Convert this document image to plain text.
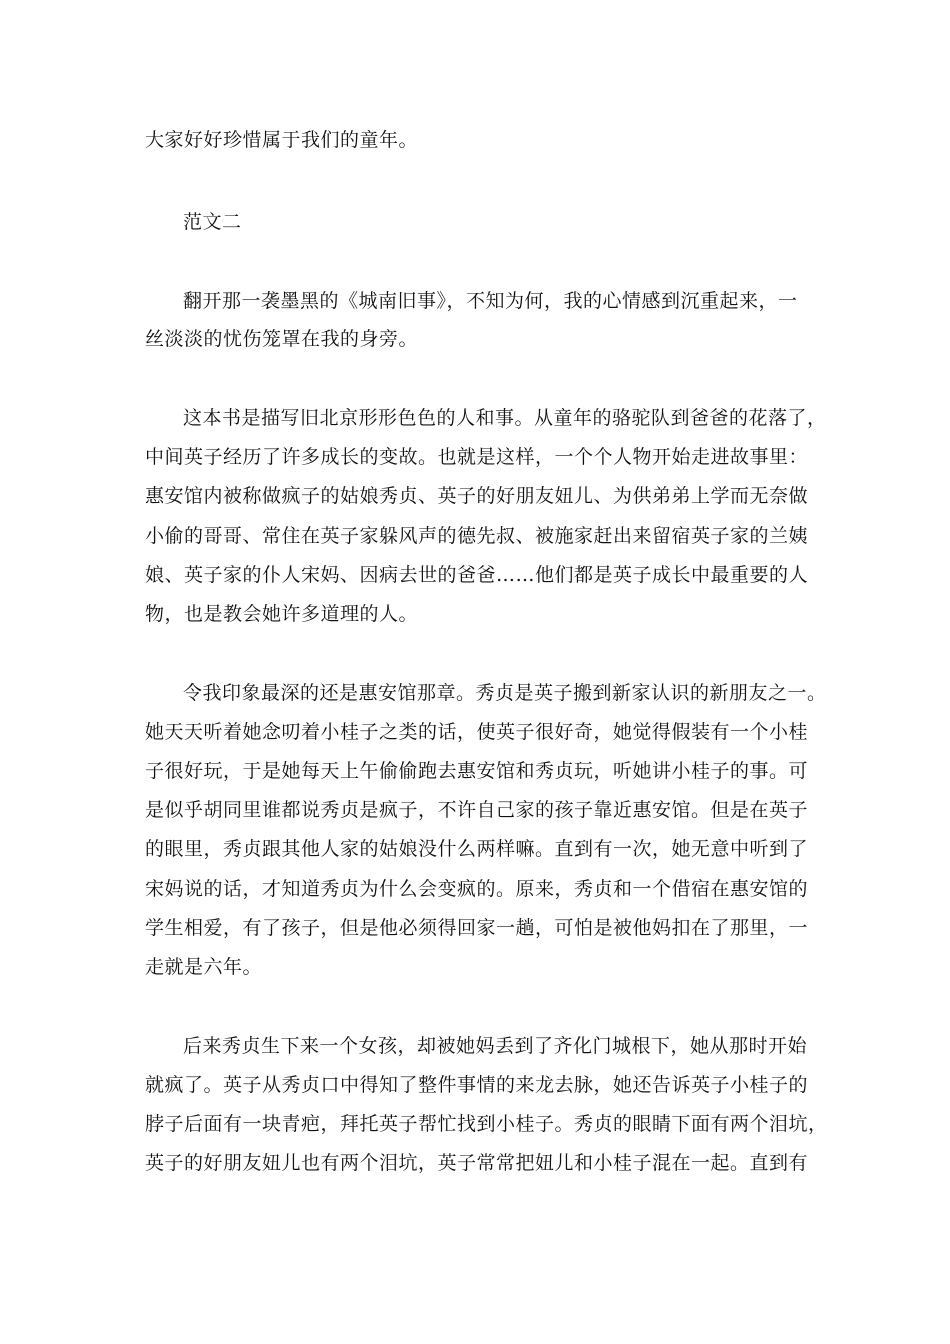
大家好好珍惜属于我们的童年。
范文二
翻开那一袭墨黑的《城南旧事》，不知为何，我的心情感到沉重起来，一
丝淡淡的忧伤笼罩在我的身旁。
这本书是描写旧北京形形色色的人和事。从童年的骆驼队到爸爸的花落了，
中间英子经历了许多成长的变故。也就是这样，一个个人物开始走进故事里：
惠安馆内被称做疯子的姑娘秀贞、英子的好朋友妞儿、为供弟弟上学而无奈做
小偷的哥哥、常住在英子家躲风声的德先叔、被施家赶出来留宿英子家的兰姨
娘、英子家的仆人宋妈、因病去世的爸爸……他们都是英子成长中最重要的人
物，也是教会她许多道理的人。
令我印象最深的还是惠安馆那章。秀贞是英子搬到新家认识的新朋友之一。
她天天听着她念叨着小桂子之类的话，使英子很好奇，她觉得假装有一个小桂
子很好玩，于是她每天上午偷偷跑去惠安馆和秀贞玩，听她讲小桂子的事。可
是似乎胡同里谁都说秀贞是疯子，不许自己家的孩子靠近惠安馆。但是在英子
的眼里，秀贞跟其他人家的姑娘没什么两样嘛。直到有一次，她无意中听到了
宋妈说的话，才知道秀贞为什么会变疯的。原来，秀贞和一个借宿在惠安馆的
学生相爱，有了孩子，但是他必须得回家一趟，可怕是被他妈扣在了那里，一
走就是六年。
后来秀贞生下来一个女孩，却被她妈丢到了齐化门城根下，她从那时开始
就疯了。英子从秀贞口中得知了整件事情的来龙去脉，她还告诉英子小桂子的
脖子后面有一块青疤，拜托英子帮忙找到小桂子。秀贞的眼睛下面有两个泪坑，
英子的好朋友妞儿也有两个泪坑，英子常常把妞儿和小桂子混在一起。直到有
